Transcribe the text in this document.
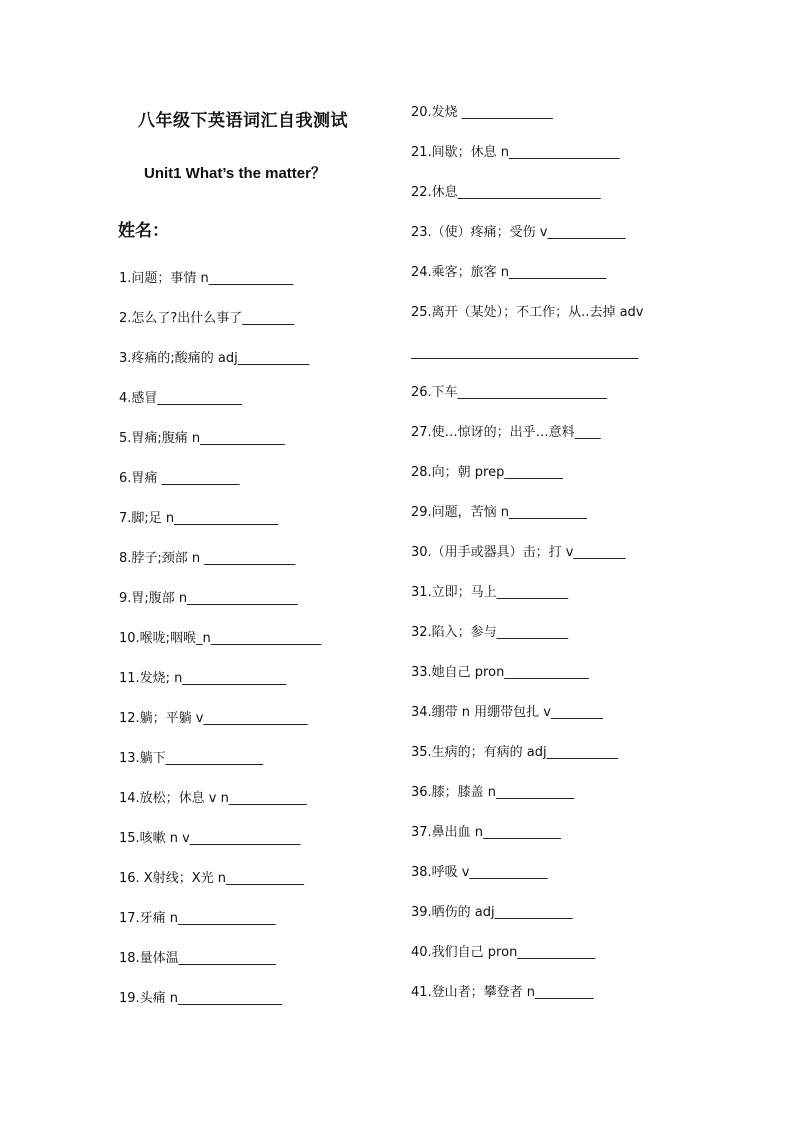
八年级下英语词汇自我测试
Unit1 What’s the matter？
姓名：
1.问题；事情 n_____________
2.怎么了?出什么事了________
3.疼痛的;酸痛的 adj___________
4.感冒_____________
5.胃痛;腹痛 n_____________
6.胃痛 ____________
7.脚;足 n________________
8.脖子;颈部 n ______________
9.胃;腹部 n_________________
10.喉咙;咽喉_n_________________
11.发烧; n________________
12.躺；平躺 v________________
13.躺下_______________
14.放松；休息 v n____________
15.咳嗽 n v_________________
16. X射线；X光 n____________
17.牙痛 n_______________
18.量体温_______________
19.头痛 n________________
20.发烧 ______________
21.间歇；休息 n_________________
22.休息______________________
23.（使）疼痛；受伤 v____________
24.乘客；旅客 n_______________
25.离开（某处）；不工作；从..去掉 adv
___________________________________
26.下车_______________________
27.使…惊讶的；出乎…意料____
28.向；朝 prep_________
29.问题，苦恼 n____________
30.（用手或器具）击；打 v________
31.立即；马上___________
32.陷入；参与___________
33.她自己 pron_____________
34.绷带 n 用绷带包扎 v________
35.生病的；有病的 adj___________
36.膝；膝盖 n____________
37.鼻出血 n____________
38.呼吸 v____________
39.晒伤的 adj____________
40.我们自己 pron____________
41.登山者；攀登者 n_________
